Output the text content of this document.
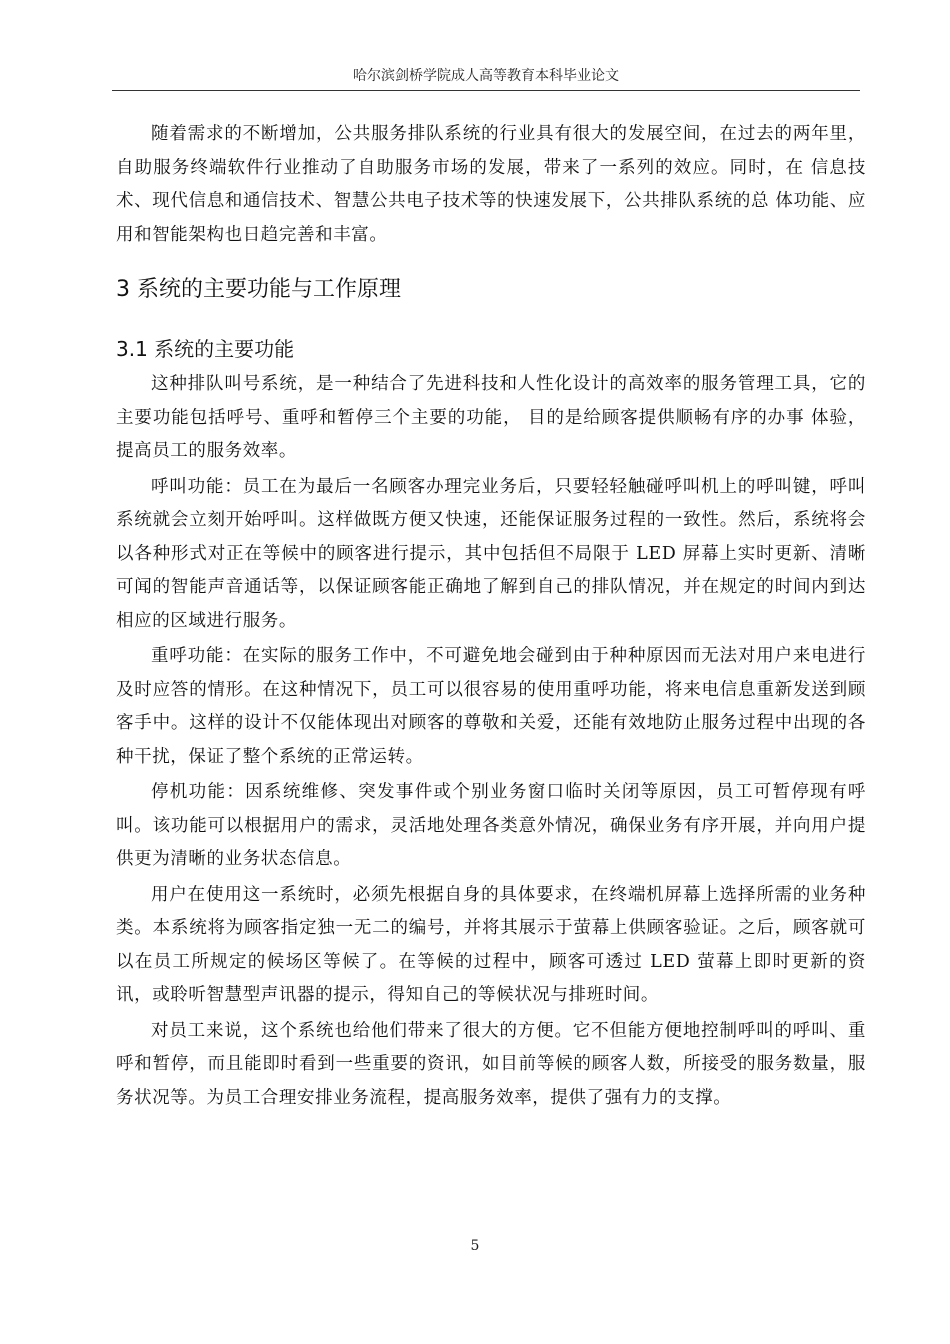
哈尔滨剑桥学院成人高等教育本科毕业论文

随着需求的不断增加，公共服务排队系统的行业具有很大的发展空间，在过去的两年里， 自助服务终端软件行业推动了自助服务市场的发展，带来了一系列的效应。同时，在 信息技术、现代信息和通信技术、智慧公共电子技术等的快速发展下，公共排队系统的总 体功能、应用和智能架构也日趋完善和丰富。

3 系统的主要功能与工作原理
3.1 系统的主要功能

这种排队叫号系统，是一种结合了先进科技和人性化设计的高效率的服务管理工具，它的主要功能包括呼号、重呼和暂停三个主要的功能， 目的是给顾客提供顺畅有序的办事 体验，提高员工的服务效率。

呼叫功能：员工在为最后一名顾客办理完业务后，只要轻轻触碰呼叫机上的呼叫键，呼叫系统就会立刻开始呼叫。这样做既方便又快速，还能保证服务过程的一致性。然后，系统将会以各种形式对正在等候中的顾客进行提示，其中包括但不局限于 LED 屏幕上实时更新、清晰可闻的智能声音通话等，以保证顾客能正确地了解到自己的排队情况，并在规定的时间内到达相应的区域进行服务。

重呼功能：在实际的服务工作中，不可避免地会碰到由于种种原因而无法对用户来电进行及时应答的情形。在这种情况下，员工可以很容易的使用重呼功能，将来电信息重新发送到顾客手中。这样的设计不仅能体现出对顾客的尊敬和关爱，还能有效地防止服务过程中出现的各种干扰，保证了整个系统的正常运转。

停机功能：因系统维修、突发事件或个别业务窗口临时关闭等原因，员工可暂停现有呼叫。该功能可以根据用户的需求，灵活地处理各类意外情况，确保业务有序开展，并向用户提供更为清晰的业务状态信息。

用户在使用这一系统时，必须先根据自身的具体要求，在终端机屏幕上选择所需的业务种类。本系统将为顾客指定独一无二的编号，并将其展示于萤幕上供顾客验证。之后，顾客就可以在员工所规定的候场区等候了。在等候的过程中，顾客可透过 LED 萤幕上即时更新的资讯，或聆听智慧型声讯器的提示，得知自己的等候状况与排班时间。

对员工来说，这个系统也给他们带来了很大的方便。它不但能方便地控制呼叫的呼叫、重呼和暂停，而且能即时看到一些重要的资讯，如目前等候的顾客人数，所接受的服务数量，服务状况等。为员工合理安排业务流程，提高服务效率，提供了强有力的支撑。

5
